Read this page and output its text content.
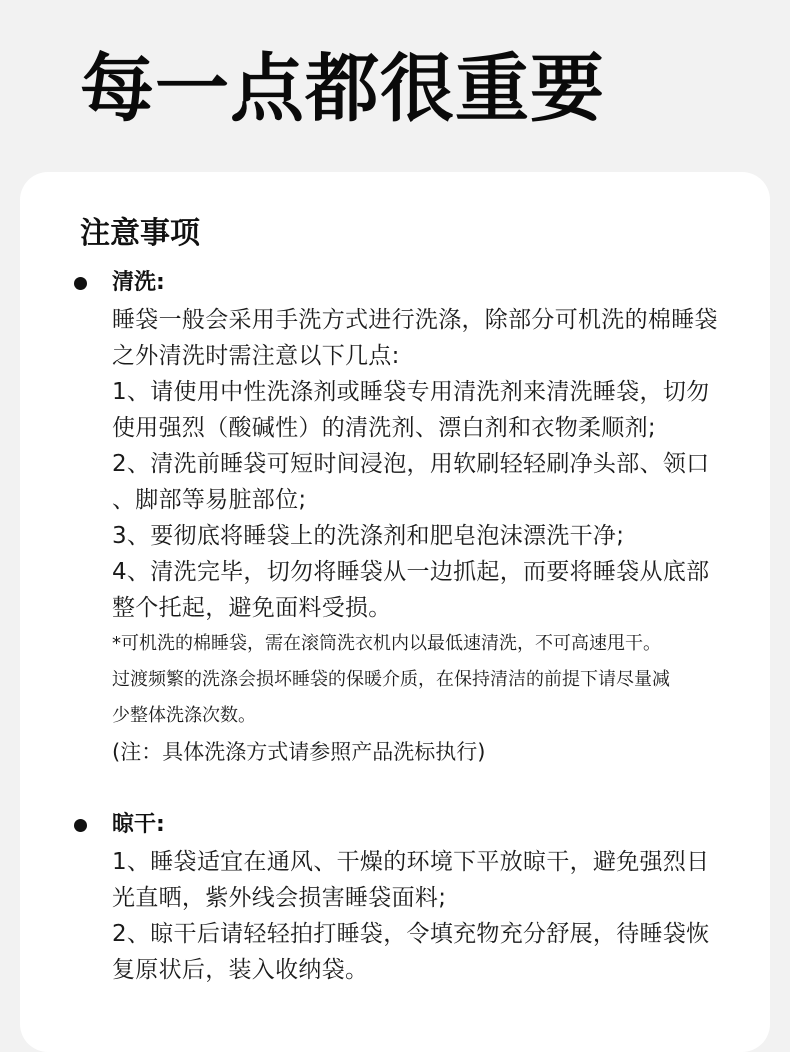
每一点都很重要
注意事项
清洗:
睡袋一般会采用手洗方式进行洗涤，除部分可机洗的棉睡袋
之外清洗时需注意以下几点:
1、请使用中性洗涤剂或睡袋专用清洗剂来清洗睡袋，切勿
使用强烈（酸碱性）的清洗剂、漂白剂和衣物柔顺剂;
2、清洗前睡袋可短时间浸泡，用软刷轻轻刷净头部、领口
、脚部等易脏部位;
3、要彻底将睡袋上的洗涤剂和肥皂泡沫漂洗干净;
4、清洗完毕，切勿将睡袋从一边抓起，而要将睡袋从底部
整个托起，避免面料受损。
*可机洗的棉睡袋，需在滚筒洗衣机内以最低速清洗，不可高速甩干。
过渡频繁的洗涤会损坏睡袋的保暖介质，在保持清洁的前提下请尽量减
少整体洗涤次数。
(注：具体洗涤方式请参照产品洗标执行)
晾干:
1、睡袋适宜在通风、干燥的环境下平放晾干，避免强烈日
光直晒，紫外线会损害睡袋面料;
2、晾干后请轻轻拍打睡袋，令填充物充分舒展，待睡袋恢
复原状后，装入收纳袋。
